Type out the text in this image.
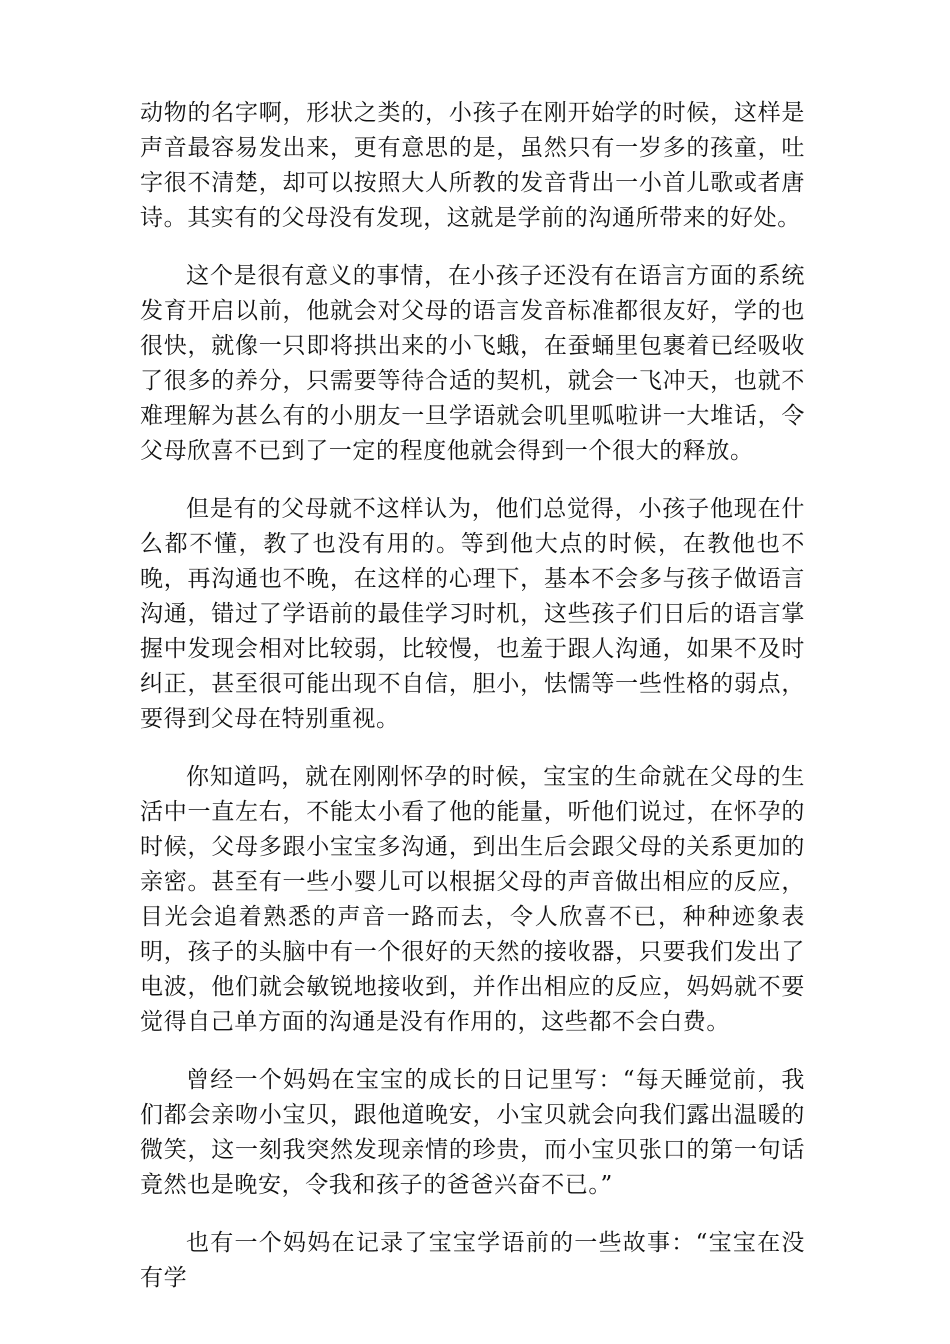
动物的名字啊，形状之类的，小孩子在刚开始学的时候，这样是声音最容易发出来，更有意思的是，虽然只有一岁多的孩童，吐字很不清楚，却可以按照大人所教的发音背出一小首儿歌或者唐诗。其实有的父母没有发现，这就是学前的沟通所带来的好处。

这个是很有意义的事情，在小孩子还没有在语言方面的系统发育开启以前，他就会对父母的语言发音标准都很友好，学的也很快，就像一只即将拱出来的小飞蛾，在蚕蛹里包裹着已经吸收了很多的养分，只需要等待合适的契机，就会一飞冲天，也就不难理解为甚么有的小朋友一旦学语就会叽里呱啦讲一大堆话，令父母欣喜不已到了一定的程度他就会得到一个很大的释放。

但是有的父母就不这样认为，他们总觉得，小孩子他现在什么都不懂，教了也没有用的。等到他大点的时候，在教他也不晚，再沟通也不晚，在这样的心理下，基本不会多与孩子做语言沟通，错过了学语前的最佳学习时机，这些孩子们日后的语言掌握中发现会相对比较弱，比较慢，也羞于跟人沟通，如果不及时纠正，甚至很可能出现不自信，胆小，怯懦等一些性格的弱点，要得到父母在特别重视。

你知道吗，就在刚刚怀孕的时候，宝宝的生命就在父母的生活中一直左右，不能太小看了他的能量，听他们说过，在怀孕的时候，父母多跟小宝宝多沟通，到出生后会跟父母的关系更加的亲密。甚至有一些小婴儿可以根据父母的声音做出相应的反应，目光会追着熟悉的声音一路而去，令人欣喜不已，种种迹象表明，孩子的头脑中有一个很好的天然的接收器，只要我们发出了电波，他们就会敏锐地接收到，并作出相应的反应，妈妈就不要觉得自己单方面的沟通是没有作用的，这些都不会白费。

曾经一个妈妈在宝宝的成长的日记里写：“每天睡觉前，我们都会亲吻小宝贝，跟他道晚安，小宝贝就会向我们露出温暖的微笑，这一刻我突然发现亲情的珍贵，而小宝贝张口的第一句话竟然也是晚安，令我和孩子的爸爸兴奋不已。”

也有一个妈妈在记录了宝宝学语前的一些故事：“宝宝在没有学
